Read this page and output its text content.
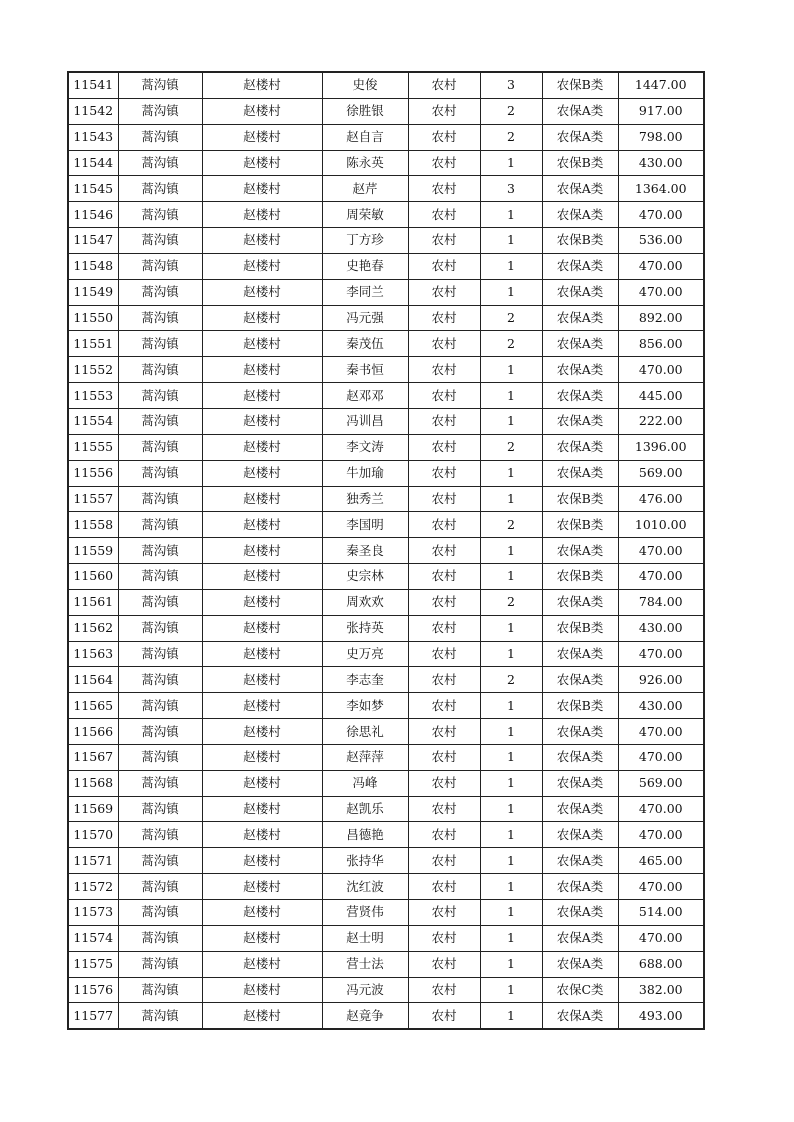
11541	蒿沟镇	赵楼村	史俊	农村	3	农保B类	1447.00
11542	蒿沟镇	赵楼村	徐胜银	农村	2	农保A类	917.00
11543	蒿沟镇	赵楼村	赵自言	农村	2	农保A类	798.00
11544	蒿沟镇	赵楼村	陈永英	农村	1	农保B类	430.00
11545	蒿沟镇	赵楼村	赵芹	农村	3	农保A类	1364.00
11546	蒿沟镇	赵楼村	周荣敏	农村	1	农保A类	470.00
11547	蒿沟镇	赵楼村	丁方珍	农村	1	农保B类	536.00
11548	蒿沟镇	赵楼村	史艳春	农村	1	农保A类	470.00
11549	蒿沟镇	赵楼村	李同兰	农村	1	农保A类	470.00
11550	蒿沟镇	赵楼村	冯元强	农村	2	农保A类	892.00
11551	蒿沟镇	赵楼村	秦茂伍	农村	2	农保A类	856.00
11552	蒿沟镇	赵楼村	秦书恒	农村	1	农保A类	470.00
11553	蒿沟镇	赵楼村	赵邓邓	农村	1	农保A类	445.00
11554	蒿沟镇	赵楼村	冯训昌	农村	1	农保A类	222.00
11555	蒿沟镇	赵楼村	李文涛	农村	2	农保A类	1396.00
11556	蒿沟镇	赵楼村	牛加瑜	农村	1	农保A类	569.00
11557	蒿沟镇	赵楼村	独秀兰	农村	1	农保B类	476.00
11558	蒿沟镇	赵楼村	李国明	农村	2	农保B类	1010.00
11559	蒿沟镇	赵楼村	秦圣良	农村	1	农保A类	470.00
11560	蒿沟镇	赵楼村	史宗林	农村	1	农保B类	470.00
11561	蒿沟镇	赵楼村	周欢欢	农村	2	农保A类	784.00
11562	蒿沟镇	赵楼村	张持英	农村	1	农保B类	430.00
11563	蒿沟镇	赵楼村	史万亮	农村	1	农保A类	470.00
11564	蒿沟镇	赵楼村	李志奎	农村	2	农保A类	926.00
11565	蒿沟镇	赵楼村	李如梦	农村	1	农保B类	430.00
11566	蒿沟镇	赵楼村	徐思礼	农村	1	农保A类	470.00
11567	蒿沟镇	赵楼村	赵萍萍	农村	1	农保A类	470.00
11568	蒿沟镇	赵楼村	冯峰	农村	1	农保A类	569.00
11569	蒿沟镇	赵楼村	赵凯乐	农村	1	农保A类	470.00
11570	蒿沟镇	赵楼村	昌德艳	农村	1	农保A类	470.00
11571	蒿沟镇	赵楼村	张持华	农村	1	农保A类	465.00
11572	蒿沟镇	赵楼村	沈红波	农村	1	农保A类	470.00
11573	蒿沟镇	赵楼村	营贤伟	农村	1	农保A类	514.00
11574	蒿沟镇	赵楼村	赵士明	农村	1	农保A类	470.00
11575	蒿沟镇	赵楼村	营士法	农村	1	农保A类	688.00
11576	蒿沟镇	赵楼村	冯元波	农村	1	农保C类	382.00
11577	蒿沟镇	赵楼村	赵竟争	农村	1	农保A类	493.00
